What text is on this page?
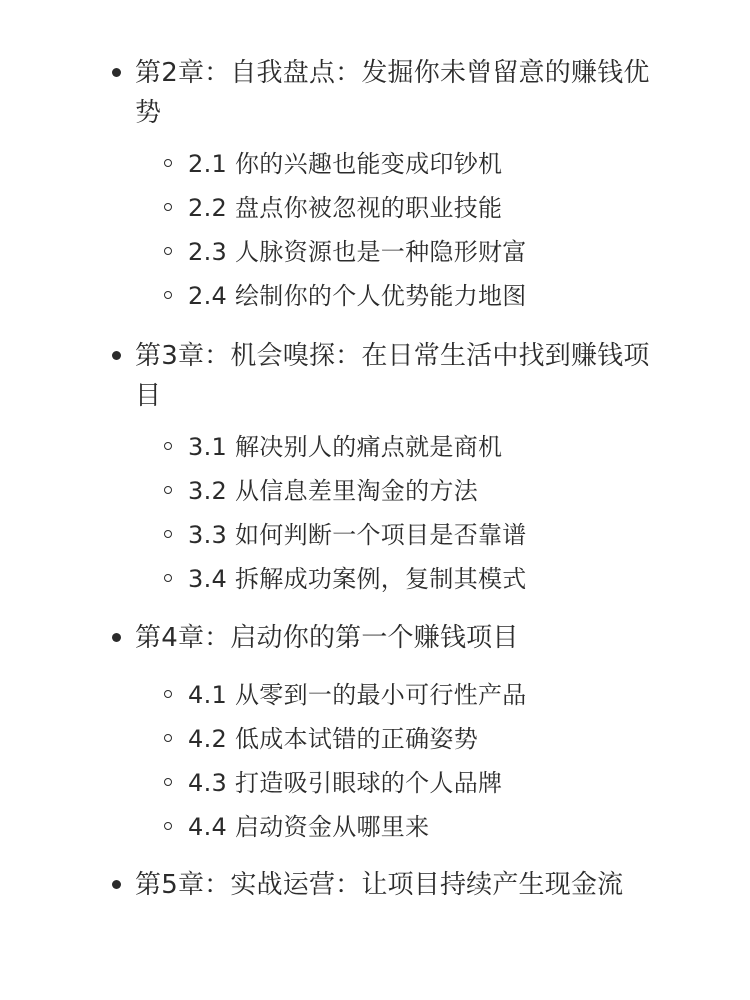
第2章：自我盘点：发掘你未曾留意的赚钱优势
2.1 你的兴趣也能变成印钞机
2.2 盘点你被忽视的职业技能
2.3 人脉资源也是一种隐形财富
2.4 绘制你的个人优势能力地图
第3章：机会嗅探：在日常生活中找到赚钱项目
3.1 解决别人的痛点就是商机
3.2 从信息差里淘金的方法
3.3 如何判断一个项目是否靠谱
3.4 拆解成功案例，复制其模式
第4章：启动你的第一个赚钱项目
4.1 从零到一的最小可行性产品
4.2 低成本试错的正确姿势
4.3 打造吸引眼球的个人品牌
4.4 启动资金从哪里来
第5章：实战运营：让项目持续产生现金流
